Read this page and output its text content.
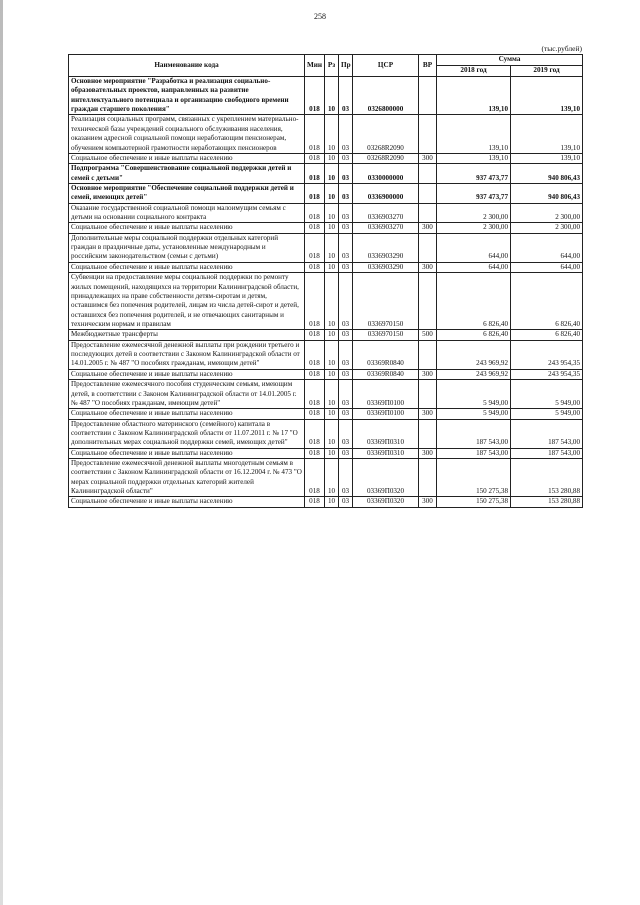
258
(тыс.рублей)
Наименование кода	Мин	Рз	Пр	ЦСР	ВР	Сумма	
						2018 год	2019 год
Основное мероприятие "Разработка и реализация социально-образовательных проектов, направленных на развитие интеллектуального потенциала и организацию свободного времени граждан старшего поколения"	018	10	03	0326800000		139,10	139,10
Реализация социальных программ, связанных с укреплением материально-технической базы учреждений социального обслуживания населения, оказанием адресной социальной помощи неработающим пенсионерам, обучением компьютерной грамотности неработающих пенсионеров	018	10	03	03268R2090		139,10	139,10
Социальное обеспечение и иные выплаты населению	018	10	03	03268R2090	300	139,10	139,10
Подпрограмма "Совершенствование социальной поддержки детей и семей с детьми"	018	10	03	0330000000		937 473,77	940 806,43
Основное мероприятие "Обеспечение социальной поддержки детей и семей, имеющих детей"	018	10	03	0336900000		937 473,77	940 806,43
Оказание государственной социальной помощи малоимущим семьям с детьми на основании социального контракта	018	10	03	0336903270		2 300,00	2 300,00
Социальное обеспечение и иные выплаты населению	018	10	03	0336903270	300	2 300,00	2 300,00
Дополнительные меры социальной поддержки отдельных категорий граждан в праздничные даты, установленные международным и российским законодательством (семьи с детьми)	018	10	03	0336903290		644,00	644,00
Социальное обеспечение и иные выплаты населению	018	10	03	0336903290	300	644,00	644,00
Субвенции на предоставление меры социальной поддержки по ремонту жилых помещений, находящихся на территории Калининградской области, принадлежащих на праве собственности детям-сиротам и детям, оставшимся без попечения родителей, лицам из числа детей-сирот и детей, оставшихся без попечения родителей, и не отвечающих санитарным и техническим нормам и правилам	018	10	03	0336970150		6 826,40	6 826,40
Межбюджетные трансферты	018	10	03	0336970150	500	6 826,40	6 826,40
Предоставление ежемесячной денежной выплаты при рождении третьего и последующих детей в соответствии с Законом Калининградской области от 14.01.2005 г. № 487 "О пособиях гражданам, имеющим детей"	018	10	03	03369R0840		243 969,92	243 954,35
Социальное обеспечение и иные выплаты населению	018	10	03	03369R0840	300	243 969,92	243 954,35
Предоставление ежемесячного пособия студенческим семьям, имеющим детей, в соответствии с Законом Калининградской области от 14.01.2005 г. № 487 "О пособиях гражданам, имеющим детей"	018	10	03	03369П0100		5 949,00	5 949,00
Социальное обеспечение и иные выплаты населению	018	10	03	03369П0100	300	5 949,00	5 949,00
Предоставление областного материнского (семейного) капитала в соответствии с Законом Калининградской области от 11.07.2011 г. № 17 "О дополнительных мерах социальной поддержки семей, имеющих детей"	018	10	03	03369П0310		187 543,00	187 543,00
Социальное обеспечение и иные выплаты населению	018	10	03	03369П0310	300	187 543,00	187 543,00
Предоставление ежемесячной денежной выплаты многодетным семьям в соответствии с Законом Калининградской области от 16.12.2004 г. № 473 "О мерах социальной поддержки отдельных категорий жителей Калининградской области"	018	10	03	03369П0320		150 275,38	153 280,88
Социальное обеспечение и иные выплаты населению	018	10	03	03369П0320	300	150 275,38	153 280,88
